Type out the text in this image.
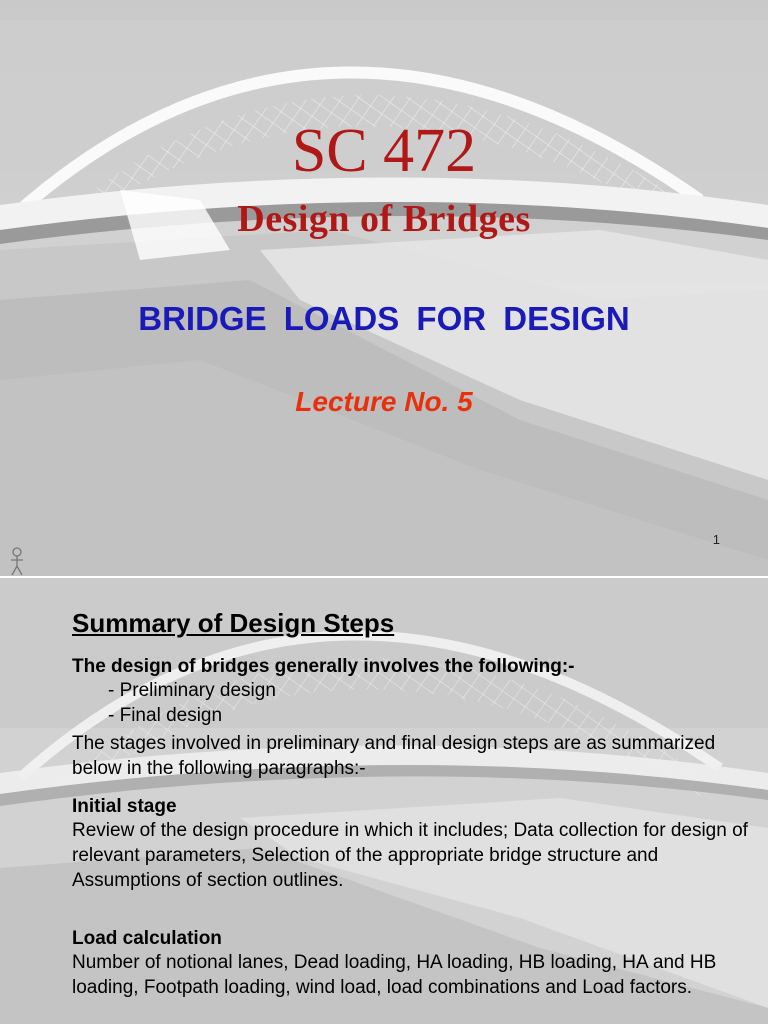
SC 472
Design of Bridges
BRIDGE LOADS FOR DESIGN
Lecture No. 5
1
Summary of Design Steps
The design of bridges generally involves the following:-
- Preliminary design
- Final design
The stages involved in preliminary and final design steps are as summarized below in the following paragraphs:-
Initial stage
Review of the design procedure in which it includes; Data collection for design of relevant parameters, Selection of the appropriate bridge structure and Assumptions of section outlines.
Load calculation
Number of notional lanes, Dead loading, HA loading, HB loading, HA and HB loading, Footpath loading, wind load, load combinations and Load factors.
